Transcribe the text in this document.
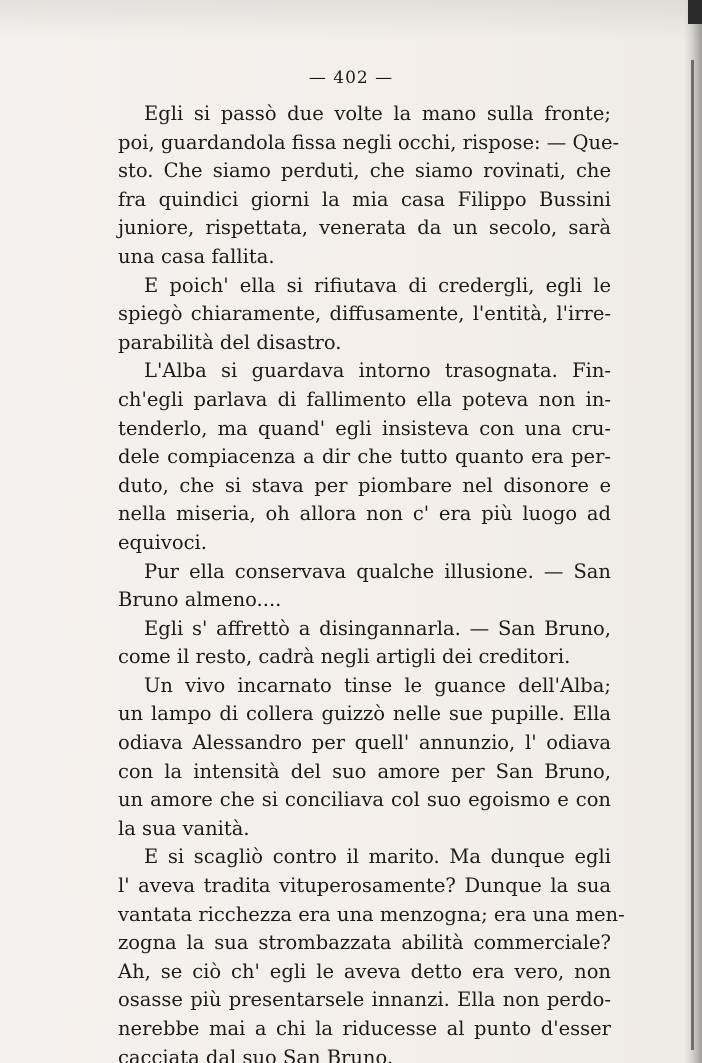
— 402 —
Egli si passò due volte la mano sulla fronte;
poi, guardandola fissa negli occhi, rispose: — Que-
sto. Che siamo perduti, che siamo rovinati, che
fra quindici giorni la mia casa Filippo Bussini
juniore, rispettata, venerata da un secolo, sarà
una casa fallita.
E poich' ella si rifiutava di credergli, egli le
spiegò chiaramente, diffusamente, l'entità, l'irre-
parabilità del disastro.
L'Alba si guardava intorno trasognata. Fin-
ch'egli parlava di fallimento ella poteva non in-
tenderlo, ma quand' egli insisteva con una cru-
dele compiacenza a dir che tutto quanto era per-
duto, che si stava per piombare nel disonore e
nella miseria, oh allora non c' era più luogo ad
equivoci.
Pur ella conservava qualche illusione. — San
Bruno almeno....
Egli s' affrettò a disingannarla. — San Bruno,
come il resto, cadrà negli artigli dei creditori.
Un vivo incarnato tinse le guance dell'Alba;
un lampo di collera guizzò nelle sue pupille. Ella
odiava Alessandro per quell' annunzio, l' odiava
con la intensità del suo amore per San Bruno,
un amore che si conciliava col suo egoismo e con
la sua vanità.
E si scagliò contro il marito. Ma dunque egli
l' aveva tradita vituperosamente? Dunque la sua
vantata ricchezza era una menzogna; era una men-
zogna la sua strombazzata abilità commerciale?
Ah, se ciò ch' egli le aveva detto era vero, non
osasse più presentarsele innanzi. Ella non perdo-
nerebbe mai a chi la riducesse al punto d'esser
cacciata dal suo San Bruno.
